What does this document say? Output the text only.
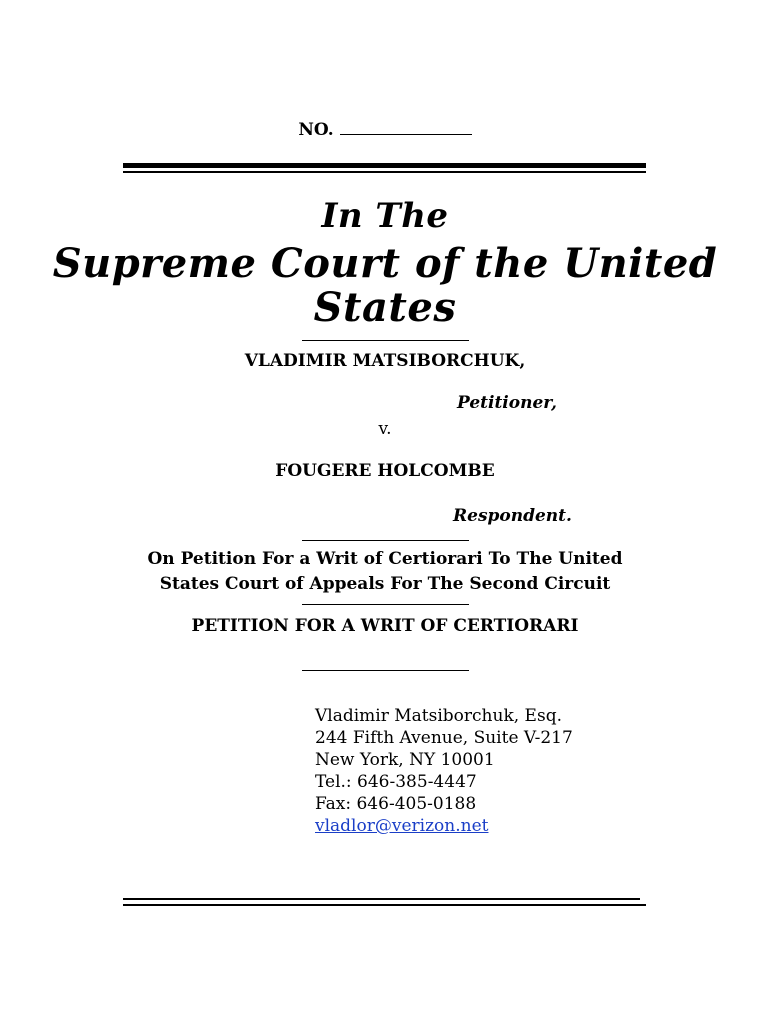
NO.
In The
Supreme Court of the United
States
VLADIMIR MATSIBORCHUK,
Petitioner,
v.
FOUGERE HOLCOMBE
Respondent.
On Petition For a Writ of Certiorari To The United
States Court of Appeals For The Second Circuit
PETITION FOR A WRIT OF CERTIORARI
Vladimir Matsiborchuk, Esq.
244 Fifth Avenue, Suite V-217
New York, NY 10001
Tel.: 646-385-4447
Fax: 646-405-0188
vladlor@verizon.net
